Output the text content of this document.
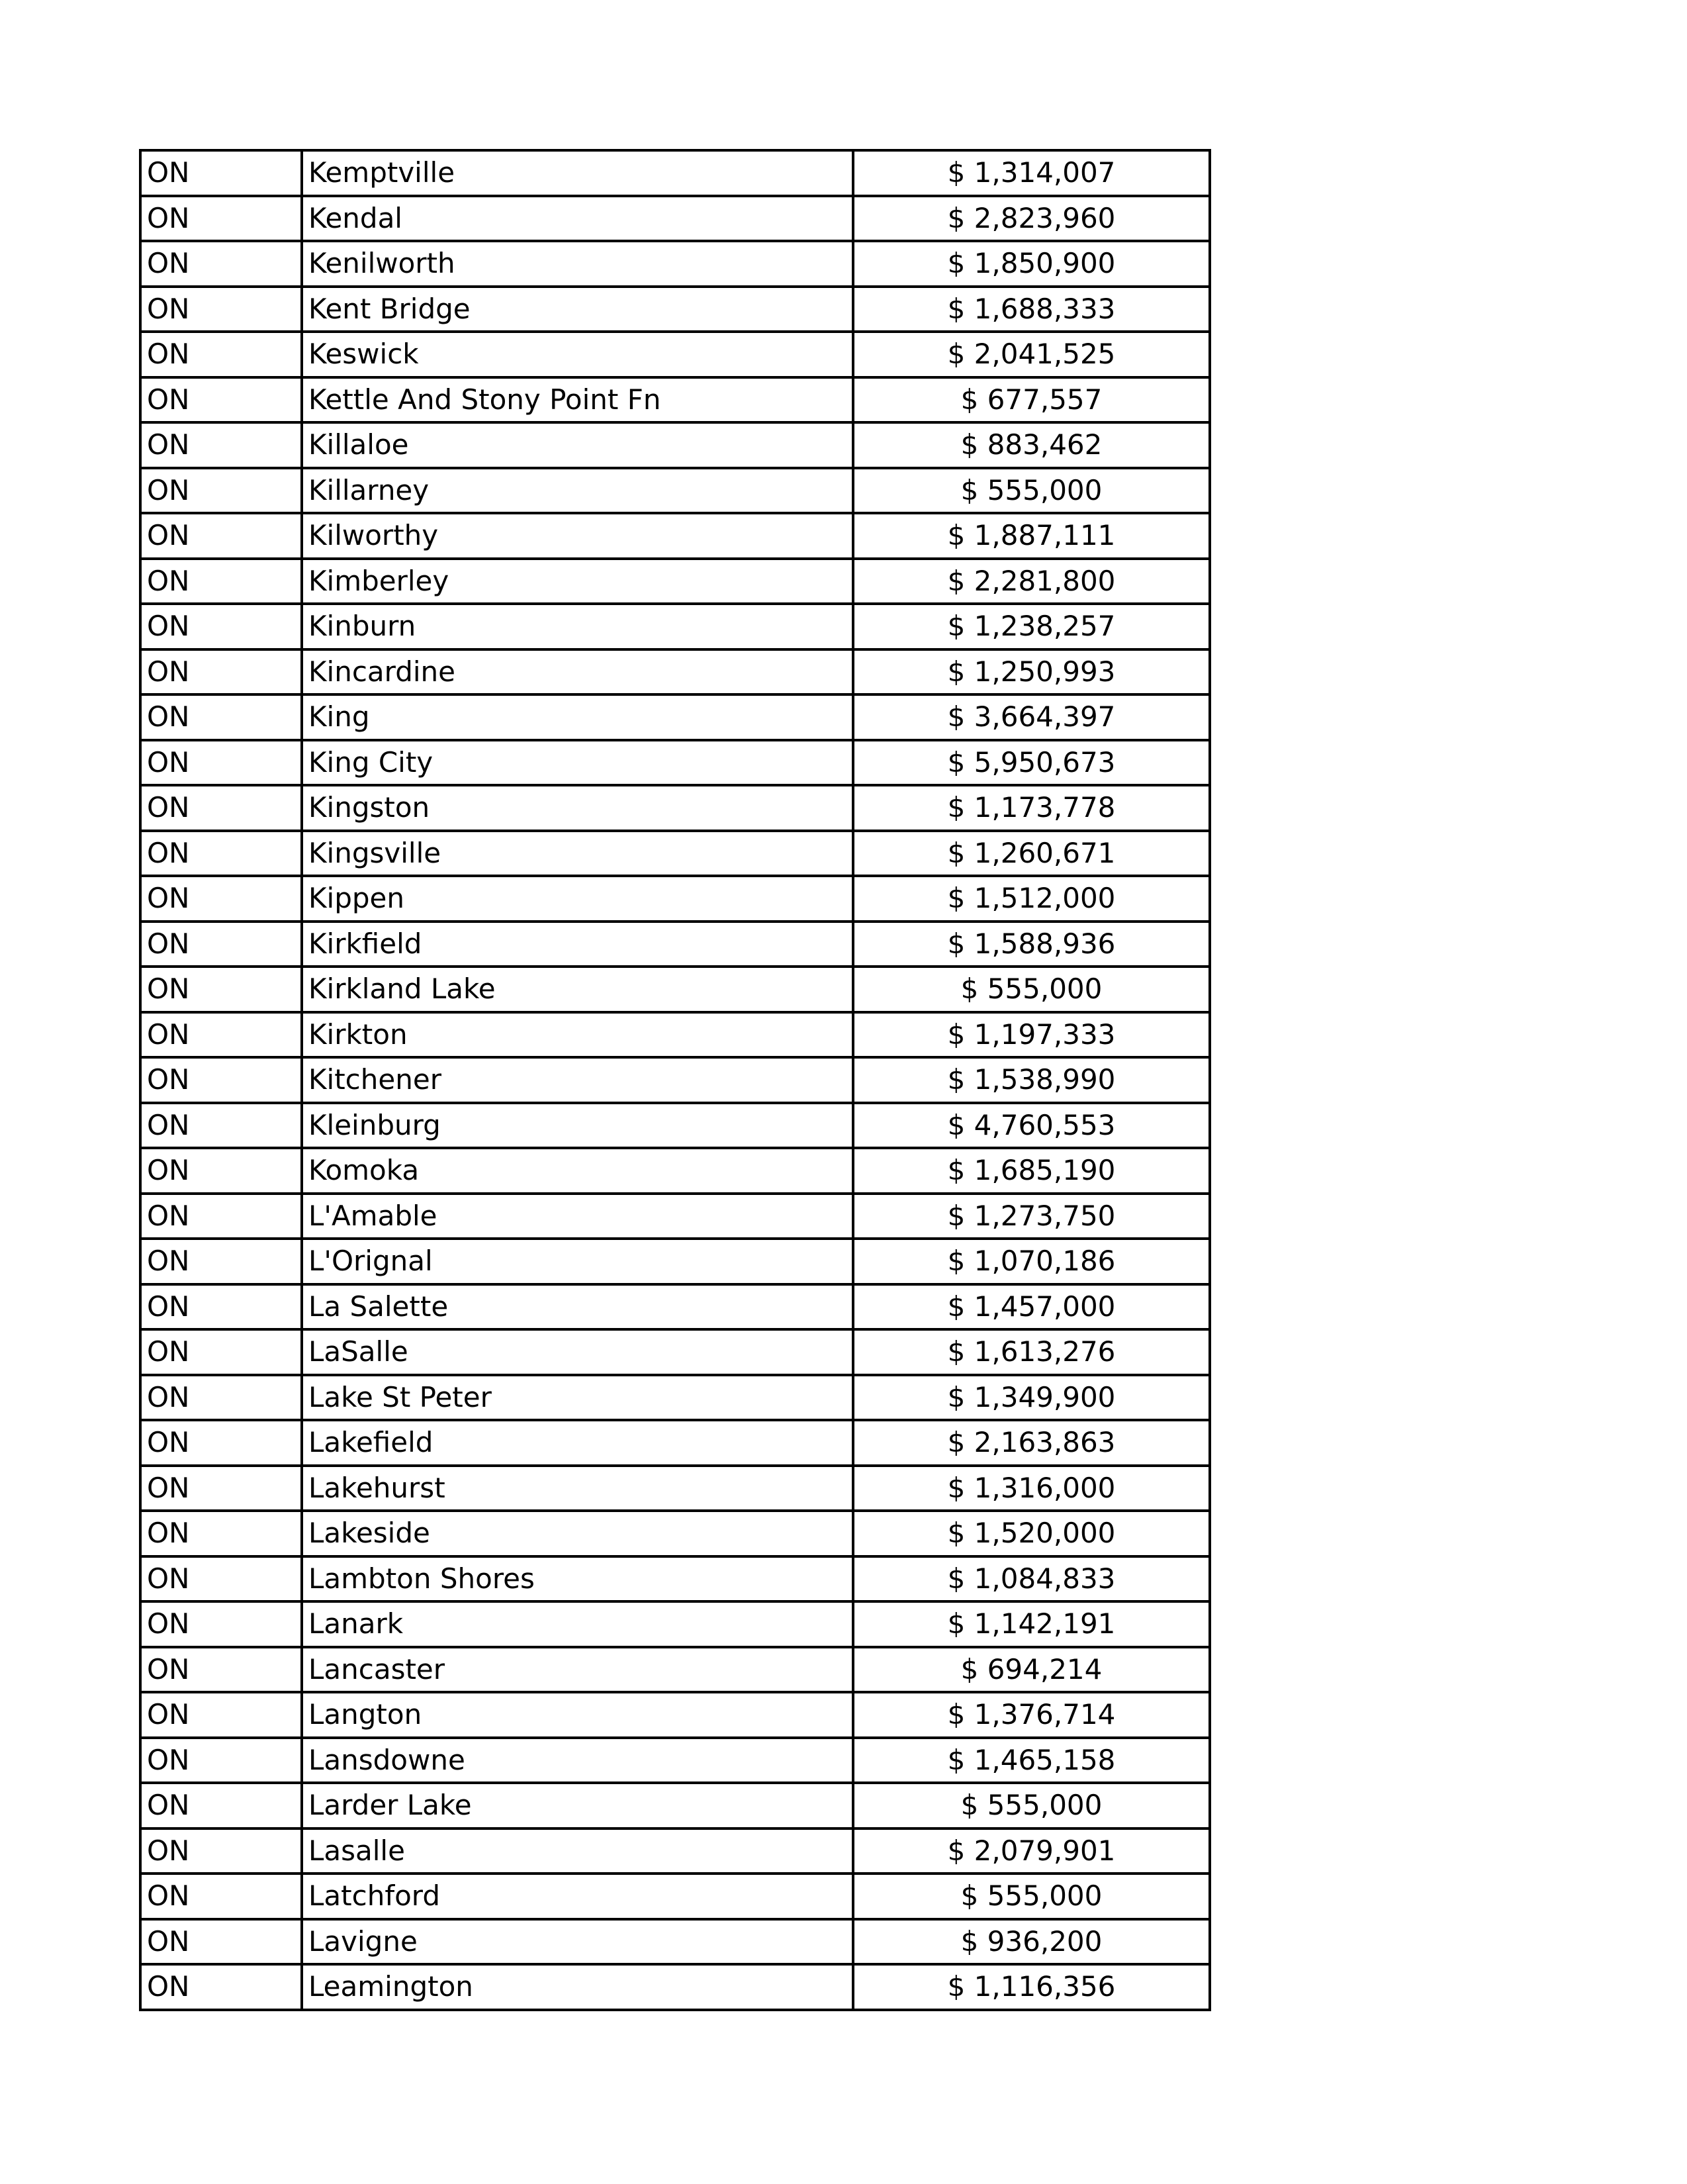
ON	Kemptville	$ 1,314,007
ON	Kendal	$ 2,823,960
ON	Kenilworth	$ 1,850,900
ON	Kent Bridge	$ 1,688,333
ON	Keswick	$ 2,041,525
ON	Kettle And Stony Point Fn	$ 677,557
ON	Killaloe	$ 883,462
ON	Killarney	$ 555,000
ON	Kilworthy	$ 1,887,111
ON	Kimberley	$ 2,281,800
ON	Kinburn	$ 1,238,257
ON	Kincardine	$ 1,250,993
ON	King	$ 3,664,397
ON	King City	$ 5,950,673
ON	Kingston	$ 1,173,778
ON	Kingsville	$ 1,260,671
ON	Kippen	$ 1,512,000
ON	Kirkfield	$ 1,588,936
ON	Kirkland Lake	$ 555,000
ON	Kirkton	$ 1,197,333
ON	Kitchener	$ 1,538,990
ON	Kleinburg	$ 4,760,553
ON	Komoka	$ 1,685,190
ON	L'Amable	$ 1,273,750
ON	L'Orignal	$ 1,070,186
ON	La Salette	$ 1,457,000
ON	LaSalle	$ 1,613,276
ON	Lake St Peter	$ 1,349,900
ON	Lakefield	$ 2,163,863
ON	Lakehurst	$ 1,316,000
ON	Lakeside	$ 1,520,000
ON	Lambton Shores	$ 1,084,833
ON	Lanark	$ 1,142,191
ON	Lancaster	$ 694,214
ON	Langton	$ 1,376,714
ON	Lansdowne	$ 1,465,158
ON	Larder Lake	$ 555,000
ON	Lasalle	$ 2,079,901
ON	Latchford	$ 555,000
ON	Lavigne	$ 936,200
ON	Leamington	$ 1,116,356
